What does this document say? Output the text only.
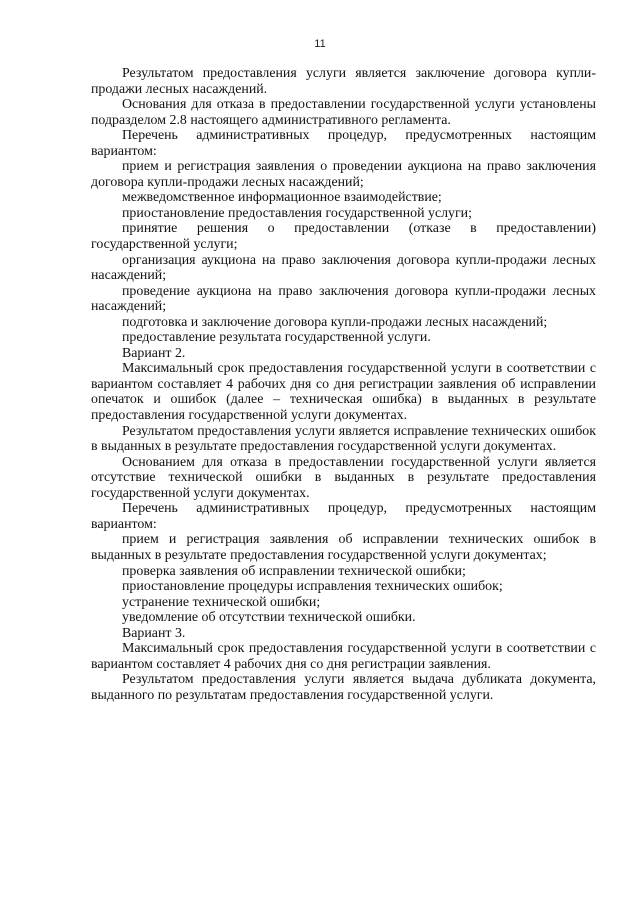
11

Результатом предоставления услуги является заключение договора купли-продажи лесных насаждений.

Основания для отказа в предоставлении государственной услуги установлены подразделом 2.8 настоящего административного регламента.

Перечень административных процедур, предусмотренных настоящим вариантом:

прием и регистрация заявления о проведении аукциона на право заключения договора купли-продажи лесных насаждений;

межведомственное информационное взаимодействие;

приостановление предоставления государственной услуги;

принятие решения о предоставлении (отказе в предоставлении) государственной услуги;

организация аукциона на право заключения договора купли-продажи лесных насаждений;

проведение аукциона на право заключения договора купли-продажи лесных насаждений;

подготовка и заключение договора купли-продажи лесных насаждений;

предоставление результата государственной услуги.

Вариант 2.

Максимальный срок предоставления государственной услуги в соответствии с вариантом составляет 4 рабочих дня со дня регистрации заявления об исправлении опечаток и ошибок (далее – техническая ошибка) в выданных в результате предоставления государственной услуги документах.

Результатом предоставления услуги является исправление технических ошибок в выданных в результате предоставления государственной услуги документах.

Основанием для отказа в предоставлении государственной услуги является отсутствие технической ошибки в выданных в результате предоставления государственной услуги документах.

Перечень административных процедур, предусмотренных настоящим вариантом:

прием и регистрация заявления об исправлении технических ошибок в выданных в результате предоставления государственной услуги документах;

проверка заявления об исправлении технической ошибки;

приостановление процедуры исправления технических ошибок;

устранение технической ошибки;

уведомление об отсутствии технической ошибки.

Вариант 3.

Максимальный срок предоставления государственной услуги в соответствии с вариантом составляет 4 рабочих дня со дня регистрации заявления.

Результатом предоставления услуги является выдача дубликата документа, выданного по результатам предоставления государственной услуги.
